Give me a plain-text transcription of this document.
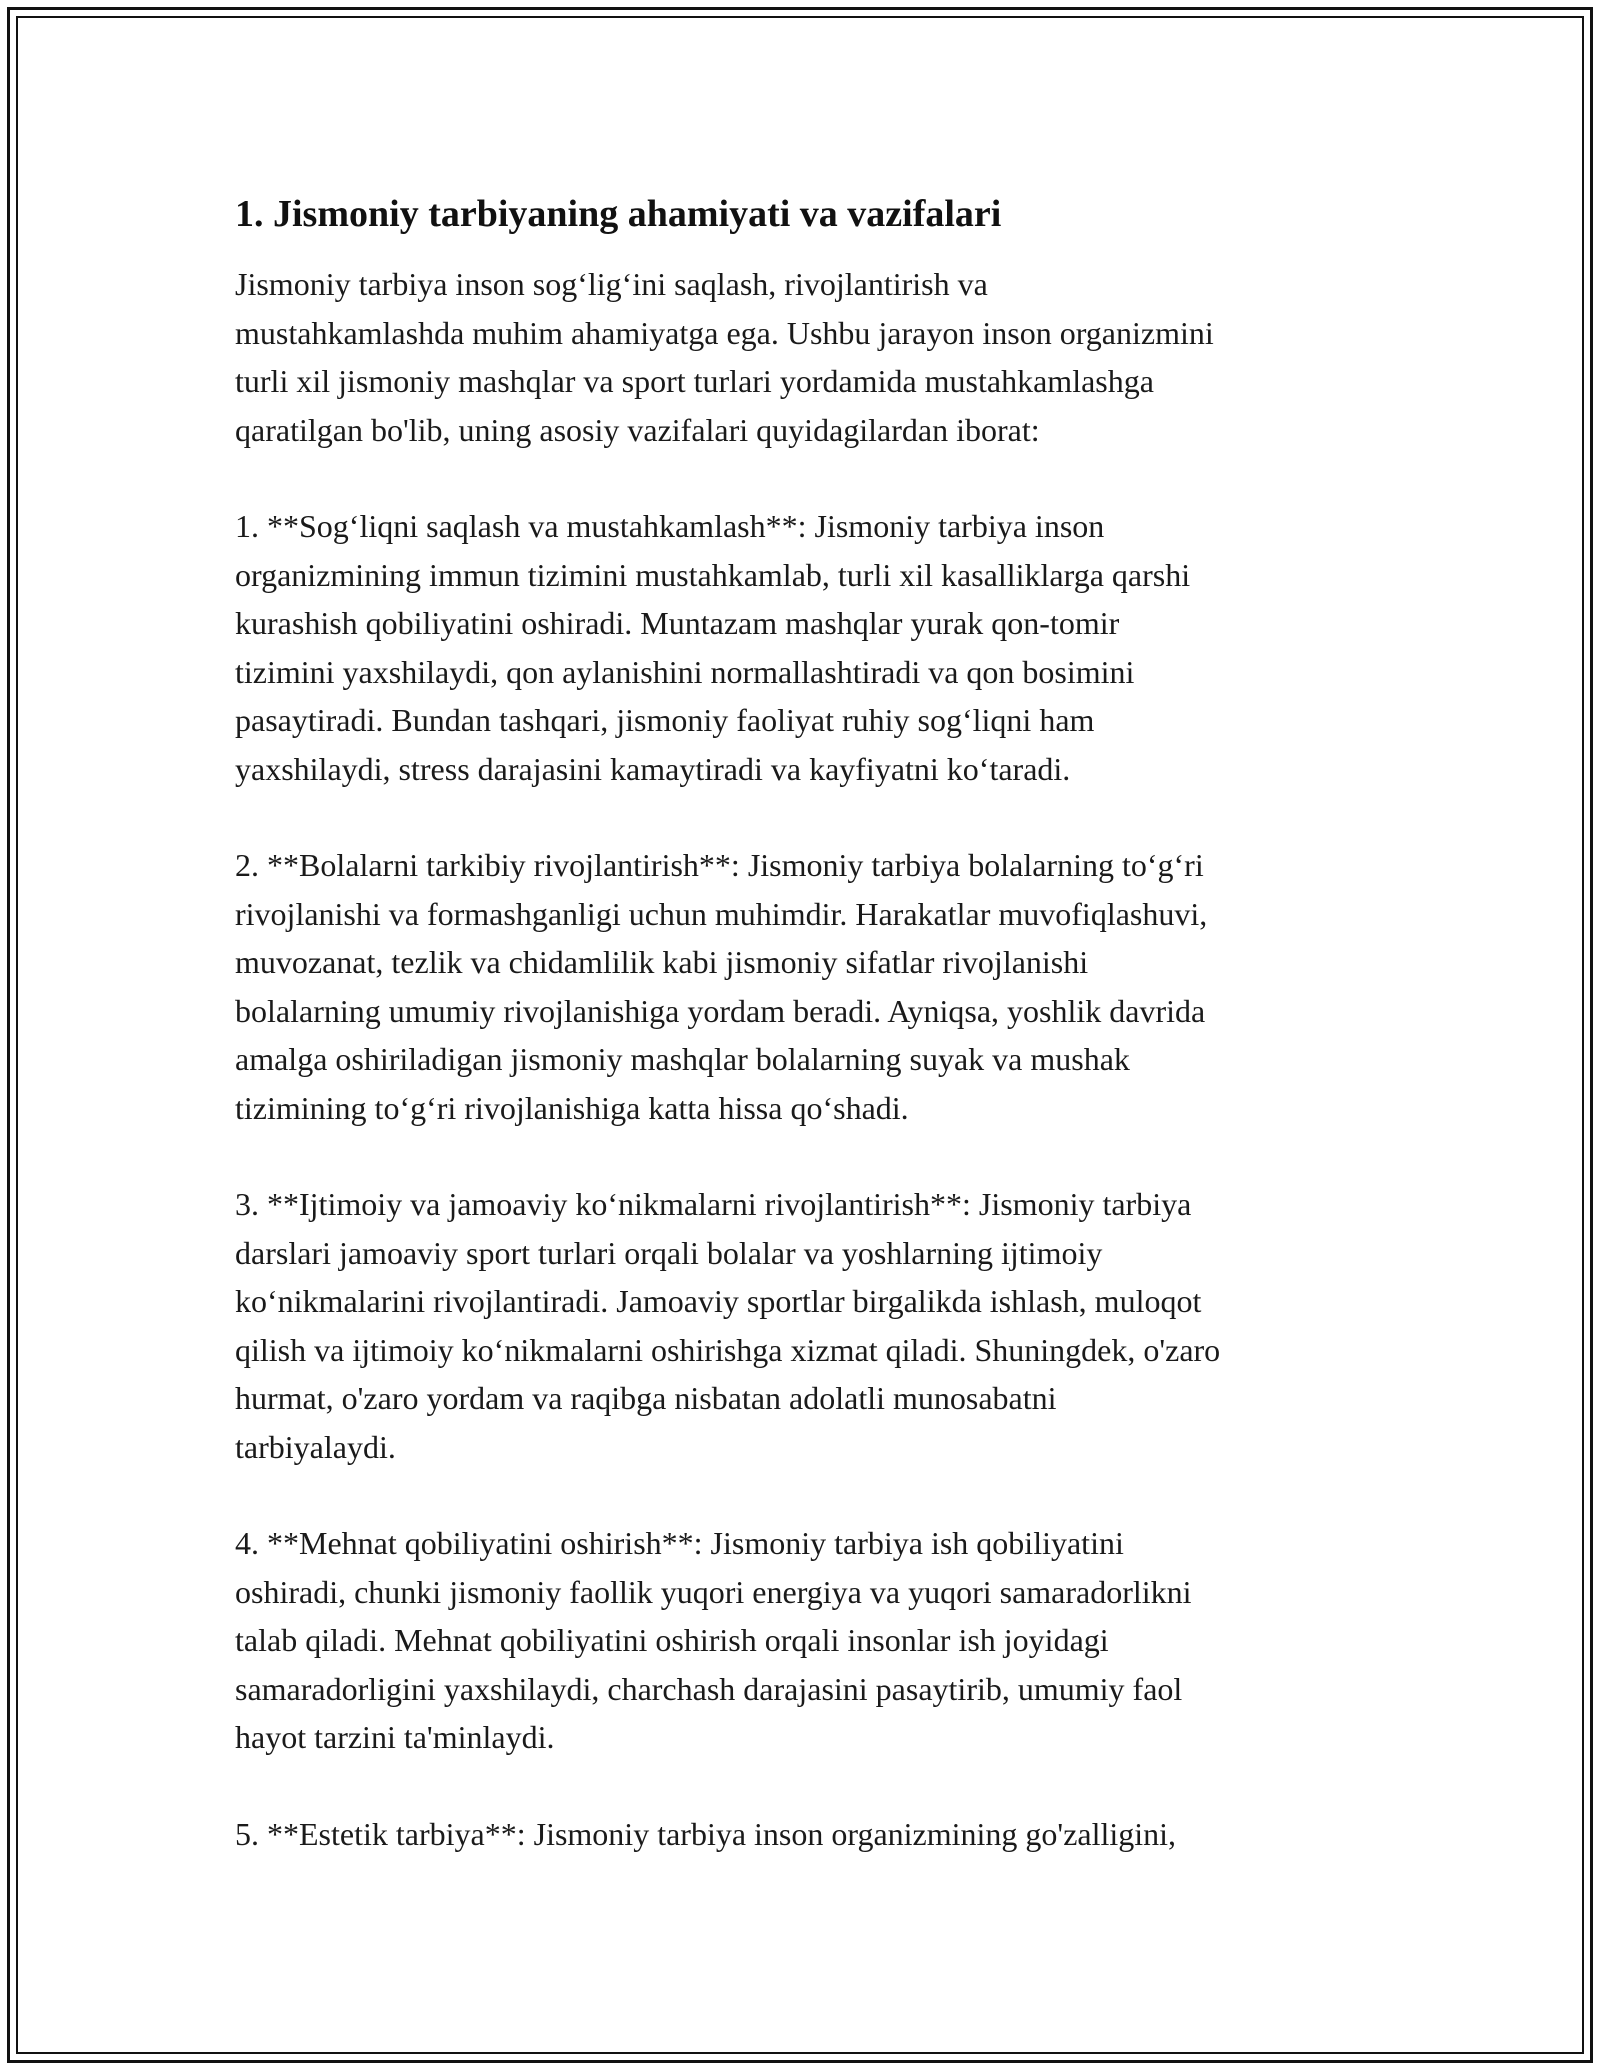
1. Jismoniy tarbiyaning ahamiyati va vazifalari

Jismoniy tarbiya inson sog‘lig‘ini saqlash, rivojlantirish va
mustahkamlashda muhim ahamiyatga ega. Ushbu jarayon inson organizmini
turli xil jismoniy mashqlar va sport turlari yordamida mustahkamlashga
qaratilgan bo'lib, uning asosiy vazifalari quyidagilardan iborat:

1. **Sog‘liqni saqlash va mustahkamlash**: Jismoniy tarbiya inson
organizmining immun tizimini mustahkamlab, turli xil kasalliklarga qarshi
kurashish qobiliyatini oshiradi. Muntazam mashqlar yurak qon-tomir
tizimini yaxshilaydi, qon aylanishini normallashtiradi va qon bosimini
pasaytiradi. Bundan tashqari, jismoniy faoliyat ruhiy sog‘liqni ham
yaxshilaydi, stress darajasini kamaytiradi va kayfiyatni ko‘taradi.

2. **Bolalarni tarkibiy rivojlantirish**: Jismoniy tarbiya bolalarning to‘g‘ri
rivojlanishi va formashganligi uchun muhimdir. Harakatlar muvofiqlashuvi,
muvozanat, tezlik va chidamlilik kabi jismoniy sifatlar rivojlanishi
bolalarning umumiy rivojlanishiga yordam beradi. Ayniqsa, yoshlik davrida
amalga oshiriladigan jismoniy mashqlar bolalarning suyak va mushak
tizimining to‘g‘ri rivojlanishiga katta hissa qo‘shadi.

3. **Ijtimoiy va jamoaviy ko‘nikmalarni rivojlantirish**: Jismoniy tarbiya
darslari jamoaviy sport turlari orqali bolalar va yoshlarning ijtimoiy
ko‘nikmalarini rivojlantiradi. Jamoaviy sportlar birgalikda ishlash, muloqot
qilish va ijtimoiy ko‘nikmalarni oshirishga xizmat qiladi. Shuningdek, o'zaro
hurmat, o'zaro yordam va raqibga nisbatan adolatli munosabatni
tarbiyalaydi.

4. **Mehnat qobiliyatini oshirish**: Jismoniy tarbiya ish qobiliyatini
oshiradi, chunki jismoniy faollik yuqori energiya va yuqori samaradorlikni
talab qiladi. Mehnat qobiliyatini oshirish orqali insonlar ish joyidagi
samaradorligini yaxshilaydi, charchash darajasini pasaytirib, umumiy faol
hayot tarzini ta'minlaydi.

5. **Estetik tarbiya**: Jismoniy tarbiya inson organizmining go'zalligini,
